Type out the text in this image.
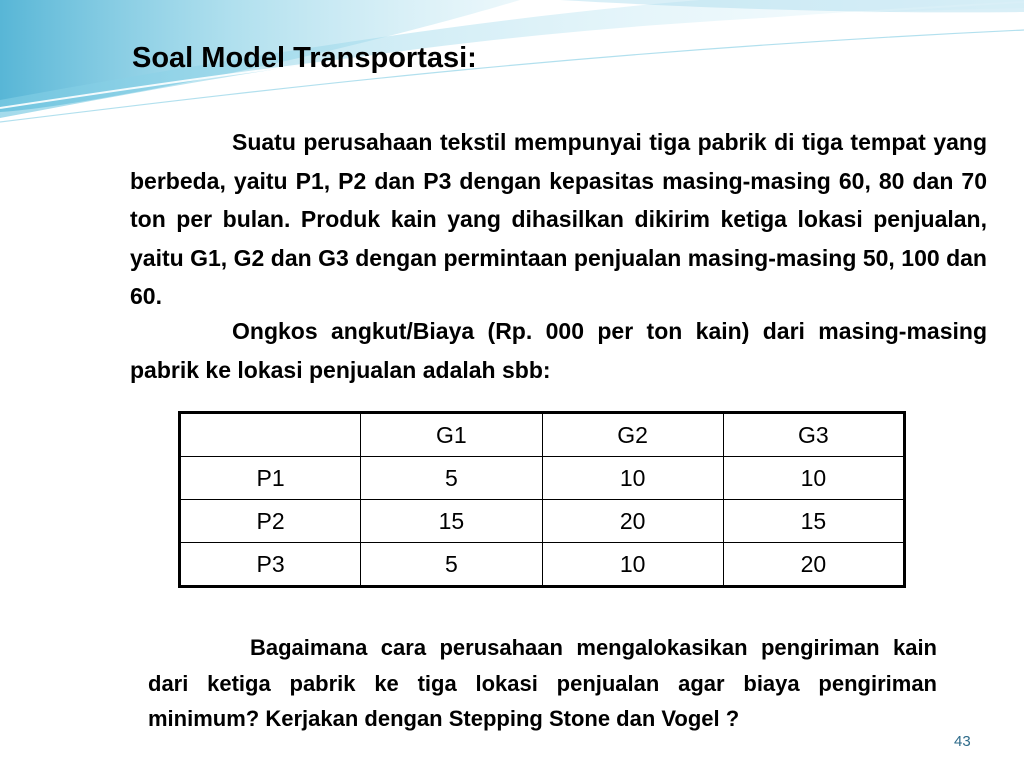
Soal Model Transportasi:
Suatu perusahaan tekstil mempunyai tiga pabrik di tiga tempat yang berbeda, yaitu P1, P2 dan P3 dengan kepasitas masing-masing 60, 80 dan 70 ton per bulan. Produk kain yang dihasilkan dikirim ketiga lokasi penjualan, yaitu G1, G2 dan G3 dengan permintaan penjualan masing-masing 50, 100 dan 60.
Ongkos angkut/Biaya (Rp. 000 per ton kain) dari masing-masing pabrik ke lokasi penjualan adalah sbb:
	G1	G2	G3
P1	5	10	10
P2	15	20	15
P3	5	10	20
Bagaimana cara perusahaan mengalokasikan pengiriman kain dari ketiga pabrik ke tiga lokasi penjualan agar biaya pengiriman minimum? Kerjakan dengan Stepping Stone dan Vogel ?
43
